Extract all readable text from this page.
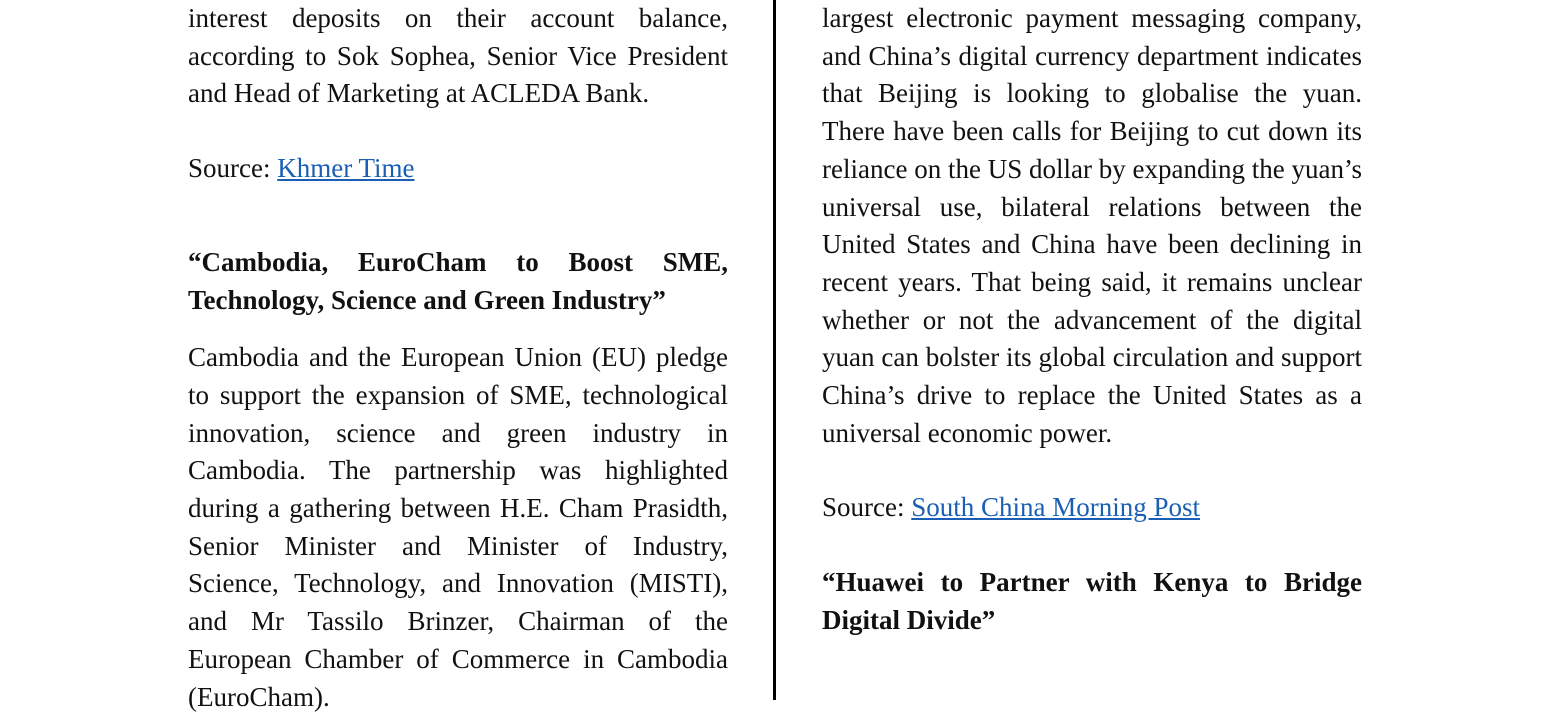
interest deposits on their account balance, according to Sok Sophea, Senior Vice President and Head of Marketing at ACLEDA Bank.

Source: Khmer Time

“Cambodia, EuroCham to Boost SME, Technology, Science and Green Industry”

Cambodia and the European Union (EU) pledge to support the expansion of SME, technological innovation, science and green industry in Cambodia. The partnership was highlighted during a gathering between H.E. Cham Prasidth, Senior Minister and Minister of Industry, Science, Technology, and Innovation (MISTI), and Mr Tassilo Brinzer, Chairman of the European Chamber of Commerce in Cambodia (EuroCham).

largest electronic payment messaging company, and China’s digital currency department indicates that Beijing is looking to globalise the yuan. There have been calls for Beijing to cut down its reliance on the US dollar by expanding the yuan’s universal use, bilateral relations between the United States and China have been declining in recent years. That being said, it remains unclear whether or not the advancement of the digital yuan can bolster its global circulation and support China’s drive to replace the United States as a universal economic power.

Source: South China Morning Post

“Huawei to Partner with Kenya to Bridge Digital Divide”
